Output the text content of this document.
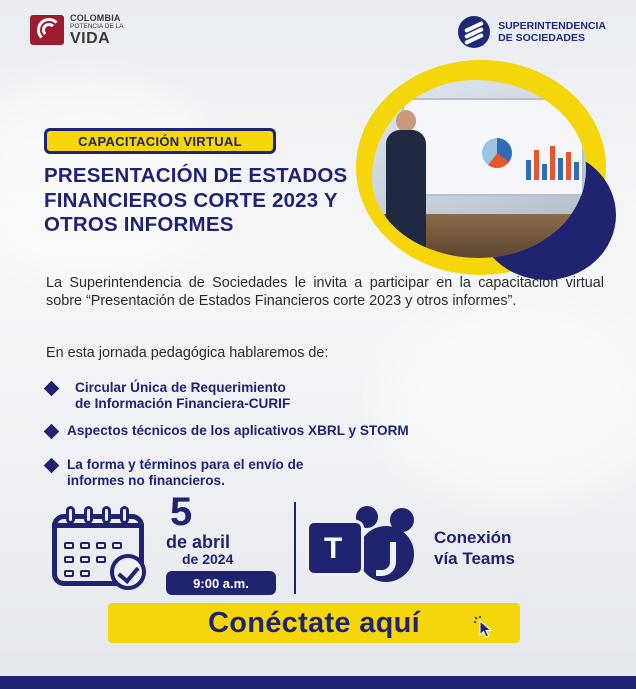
COLOMBIA
POTENCIA DE LA
VIDA
SUPERINTENDENCIA
DE SOCIEDADES
CAPACITACIÓN VIRTUAL
PRESENTACIÓN DE ESTADOS FINANCIEROS CORTE 2023 Y OTROS INFORMES

La Superintendencia de Sociedades le invita a participar en la capacitación virtual sobre “Presentación de Estados Financieros corte 2023 y otros informes”.

En esta jornada pedagógica hablaremos de:

Circular Única de Requerimiento
de Información Financiera-CURIF
Aspectos técnicos de los aplicativos XBRL y STORM
La forma y términos para el envío de
informes no financieros.
5
de abril
de 2024
9:00 a.m.
T	Conexión
vía Teams
Conéctate aquí
